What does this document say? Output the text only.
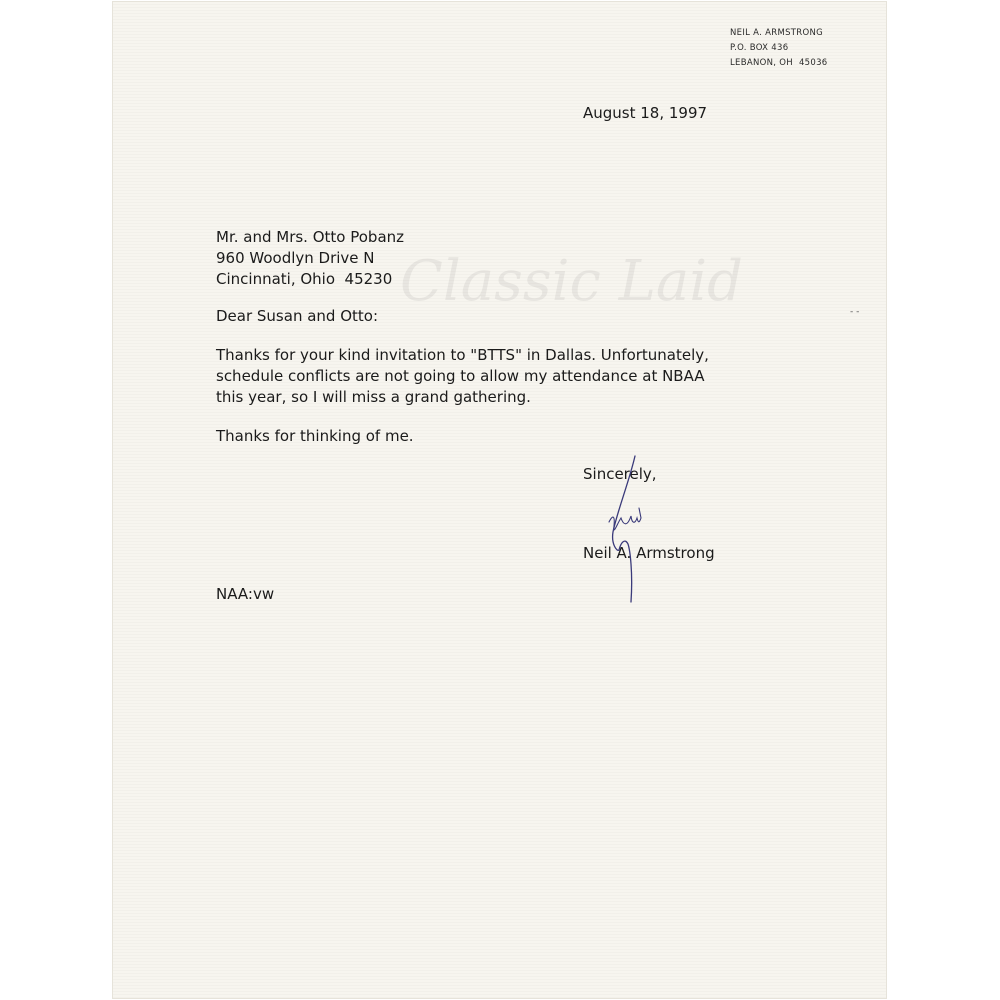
Classic Laid
NEIL A. ARMSTRONG
P.O. BOX 436
LEBANON, OH  45036

August 18, 1997

Mr. and Mrs. Otto Pobanz

960 Woodlyn Drive N

Cincinnati, Ohio  45230

Dear Susan and Otto:

Thanks for your kind invitation to "BTTS" in Dallas. Unfortunately,

schedule conflicts are not going to allow my attendance at NBAA

this year, so I will miss a grand gathering.

Thanks for thinking of me.

Sincerely,

Neil A. Armstrong

NAA:vw

- -
